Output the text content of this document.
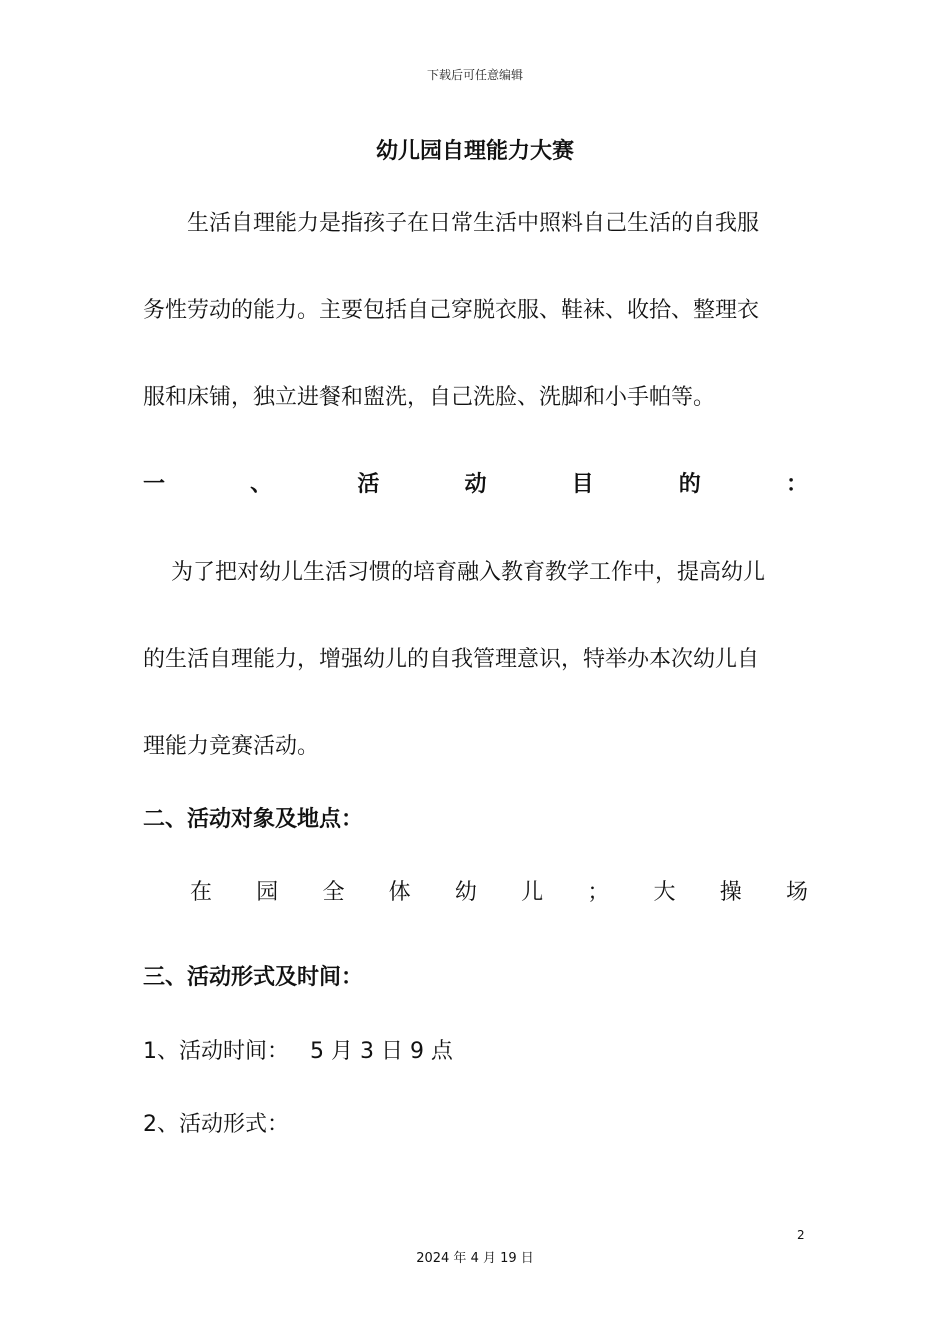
下载后可任意编辑
幼儿园自理能力大赛

生活自理能力是指孩子在日常生活中照料自己生活的自我服

务性劳动的能力。主要包括自己穿脱衣服、鞋袜、收拾、整理衣

服和床铺，独立进餐和盥洗，自己洗脸、洗脚和小手帕等。

一	、	活	动	目	的	：

为了把对幼儿生活习惯的培育融入教育教学工作中，提高幼儿

的生活自理能力，增强幼儿的自我管理意识，特举办本次幼儿自

理能力竞赛活动。

二、活动对象及地点：
在 园 全 体 幼 儿 ； 大 操 场
三、活动形式及时间：
1、活动时间：   5 月 3 日 9 点
2、活动形式：
2
2024 年 4 月 19 日
